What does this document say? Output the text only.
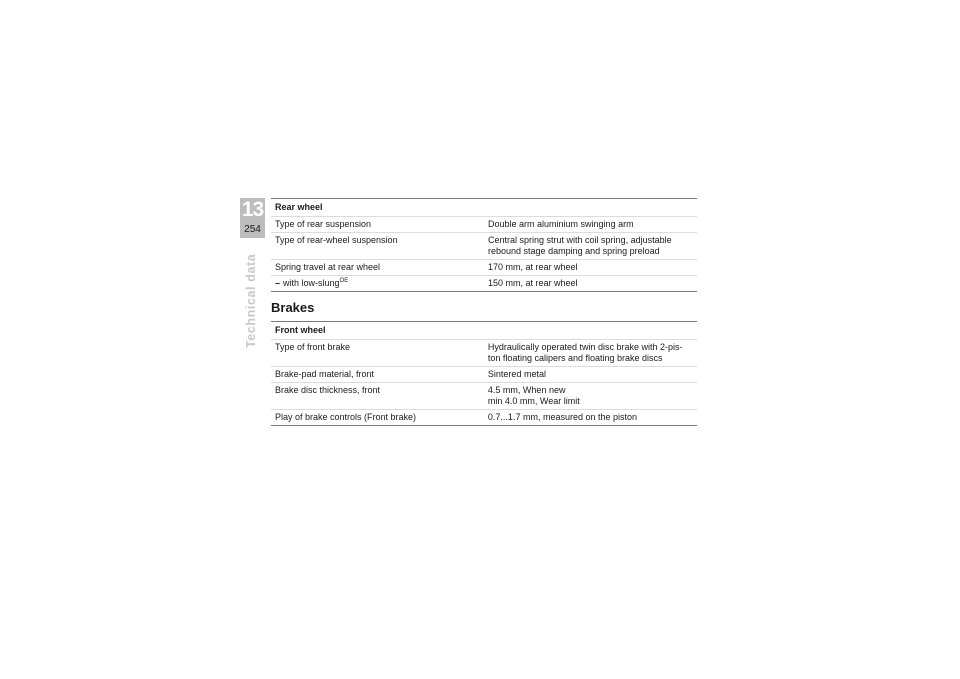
13
254
Technical data
Rear wheel	
Type of rear suspension	Double arm aluminium swinging arm

Type of rear-wheel suspension	Central spring strut with coil spring, adjustable
rebound stage damping and spring preload

Spring travel at rear wheel	170 mm, at rear wheel

– with low-slung$^{OE}$	150 mm, at rear wheel
Brakes
Front wheel	
Type of front brake	Hydraulically operated twin disc brake with 2-pis-
ton floating calipers and floating brake discs

Brake-pad material, front	Sintered metal

Brake disc thickness, front	4.5 mm, When new
min 4.0 mm, Wear limit

Play of brake controls (Front brake)	0.7...1.7 mm, measured on the piston
